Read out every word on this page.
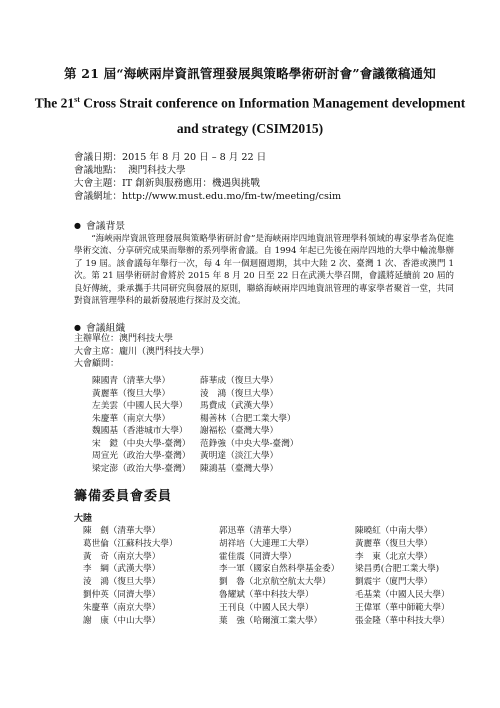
第 21 屆“海峽兩岸資訊管理發展與策略學術研討會”會議徵稿通知
The 21st Cross Strait conference on Information Management development
and strategy (CSIM2015)
會議日期：2015 年 8 月 20 日 – 8 月 22 日
會議地點： 澳門科技大學
大會主題：IT 創新與服務應用：機遇與挑戰
會議網址：http://www.must.edu.mo/fm-tw/meeting/csim
● 會議背景
“海峽兩岸資訊管理發展與策略學術研討會”是海峽兩岸四地資訊管理學科領域的專家學者為促進學術交流、分享研究成果而舉辦的系列學術會議。自 1994 年起已先後在兩岸四地的大學中輪流舉辦了 19 屆。該會議每年舉行一次，每 4 年一個迴圈週期，其中大陸 2 次、臺灣 1 次、香港或澳門 1 次。第 21 屆學術研討會將於 2015 年 8 月 20 日至 22 日在武漢大學召開，會議將延續前 20 屆的良好傳統，秉承攜手共同研究與發展的原則，聯絡海峽兩岸四地資訊管理的專家學者聚首一堂，共同對資訊管理學科的最新發展進行探討及交流。
● 會議組織
主辦單位：澳門科技大學
大會主席：龐川（澳門科技大學）
大會顧問：
陳國青（清華大學）	薛華成（復旦大學）
黃麗華（復旦大學）	淩　鴻（復旦大學）
左美雲（中國人民大學）	馬費成（武漢大學）
朱慶華（南京大學）	楊善林（合肥工業大學）
魏國基（香港城市大學）	謝褔松（臺灣大學）
宋　鎧（中央大學-臺灣）	范錚強（中央大學-臺灣）
周宣光（政治大學-臺灣）	黃明達（淡江大學）
梁定澎（政治大學-臺灣）	陳鴻基（臺灣大學）
籌備委員會委員
大陸
陳　劍（清華大學）	郭迅華（清華大學）	陳曉紅（中南大學）
葛世倫（江蘇科技大學）	胡祥培（大連理工大學）	黃麗華（復旦大學）
黃　奇（南京大學）	霍佳震（同濟大學）	李　東（北京大學）
李　綱（武漢大學）	李一軍（國家自然科學基金委）	梁昌勇(合肥工業大學)
淩　鴻（復旦大學）	劉　魯（北京航空航太大學）	劉震宇（廈門大學）
劉仲英（同濟大學）	魯耀斌（華中科技大學）	毛基業（中國人民大學）
朱慶華（南京大學）	王刊良（中國人民大學）	王偉軍（華中師範大學）
謝　康（中山大學）	葉　強（哈爾濱工業大學）	張金隆（華中科技大學）
